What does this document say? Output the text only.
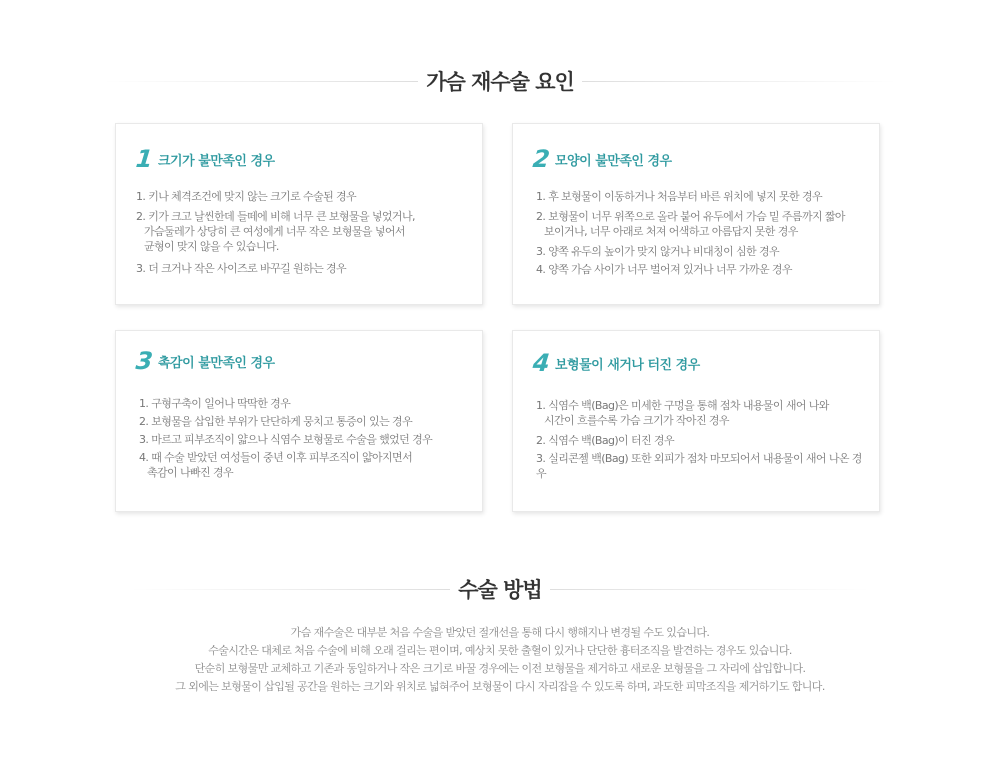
가슴 재수술 요인
1 크기가 불만족인 경우
1. 키나 체격조건에 맞지 않는 크기로 수술된 경우
2. 키가 크고 날씬한데 들떼에 비해 너무 큰 보형물을 넣었거나,
가슴둘레가 상당히 큰 여성에게 너무 작은 보형물을 넣어서
균형이 맞지 않을 수 있습니다.
3. 더 크거나 작은 사이즈로 바꾸길 원하는 경우
2 모양이 불만족인 경우
1. 후 보형물이 이동하거나 처음부터 바른 위치에 넣지 못한 경우
2. 보형물이 너무 위쪽으로 올라 붙어 유두에서 가슴 밑 주름까지 짧아
보이거나, 너무 아래로 처져 어색하고 아름답지 못한 경우
3. 양쪽 유두의 높이가 맞지 않거나 비대칭이 심한 경우
4. 양쪽 가슴 사이가 너무 벌어져 있거나 너무 가까운 경우
3 촉감이 불만족인 경우
1. 구형구축이 일어나 딱딱한 경우
2. 보형물을 삽입한 부위가 단단하게 뭉치고 통증이 있는 경우
3. 마르고 피부조직이 얇으나 식염수 보형물로 수술을 했었던 경우
4. 때 수술 받았던 여성들이 중년 이후 피부조직이 얇아지면서
촉감이 나빠진 경우
4 보형물이 새거나 터진 경우
1. 식염수 백(Bag)은 미세한 구멍을 통해 점차 내용물이 새어 나와
시간이 흐를수록 가슴 크기가 작아진 경우
2. 식염수 백(Bag)이 터진 경우
3. 실리콘젤 백(Bag) 또한 외피가 점차 마모되어서 내용물이 새어 나온 경우
수술 방법

가슴 재수술은 대부분 처음 수술을 받았던 절개선을 통해 다시 행해지나 변경될 수도 있습니다.

수술시간은 대체로 처음 수술에 비해 오래 걸리는 편이며, 예상치 못한 출혈이 있거나 단단한 흉터조직을 발견하는 경우도 있습니다.

단순히 보형물만 교체하고 기존과 동일하거나 작은 크기로 바꿀 경우에는 이전 보형물을 제거하고 새로운 보형물을 그 자리에 삽입합니다.

그 외에는 보형물이 삽입될 공간을 원하는 크기와 위치로 넓혀주어 보형물이 다시 자리잡을 수 있도록 하며, 과도한 피막조직을 제거하기도 합니다.
